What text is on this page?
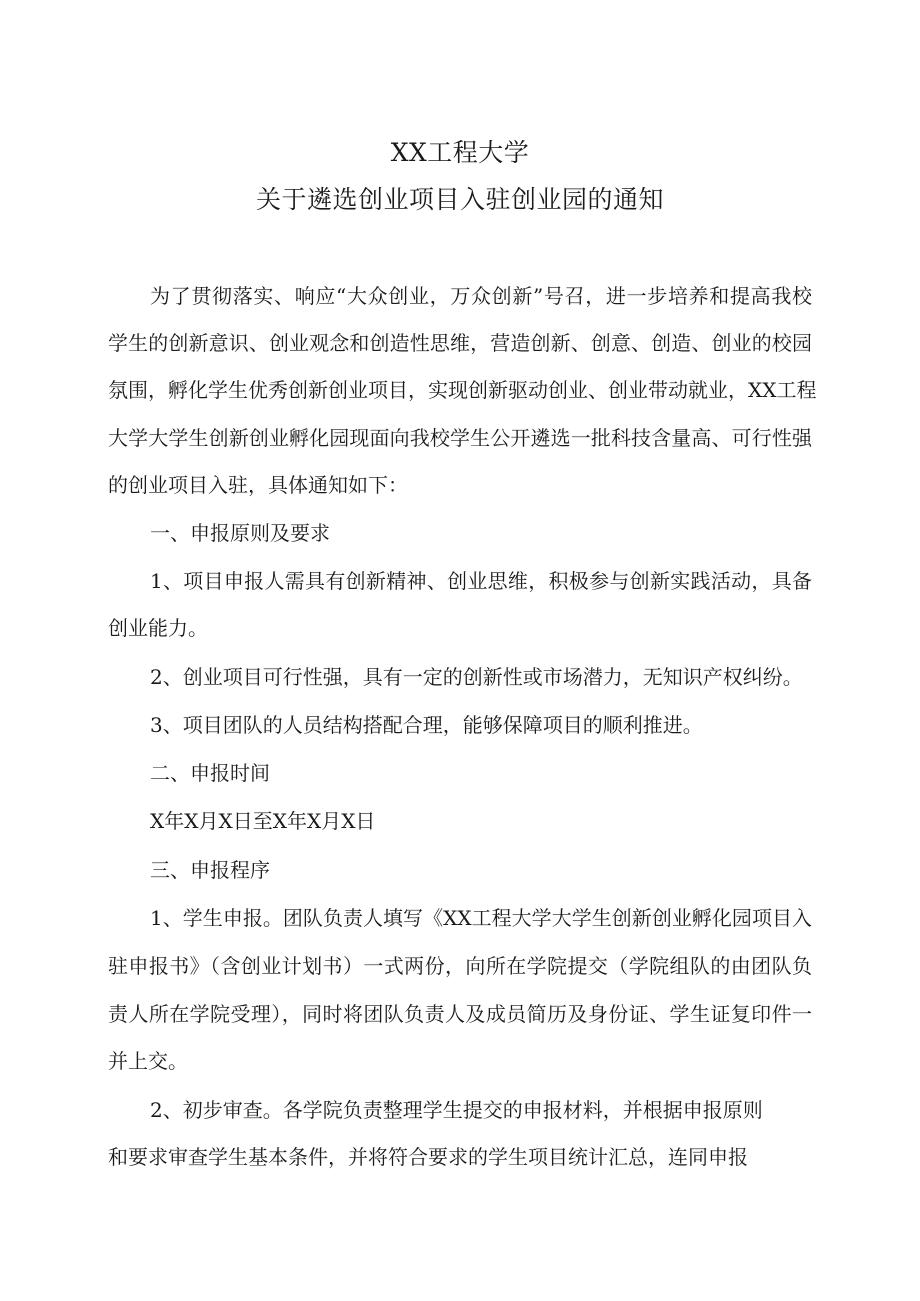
XX工程大学
关于遴选创业项目入驻创业园的通知
为了贯彻落实、响应“大众创业，万众创新”号召，进一步培养和提高我校
学生的创新意识、创业观念和创造性思维，营造创新、创意、创造、创业的校园
氛围，孵化学生优秀创新创业项目，实现创新驱动创业、创业带动就业，XX工程
大学大学生创新创业孵化园现面向我校学生公开遴选一批科技含量高、可行性强
的创业项目入驻，具体通知如下：
一、申报原则及要求
1、项目申报人需具有创新精神、创业思维，积极参与创新实践活动，具备
创业能力。
2、创业项目可行性强，具有一定的创新性或市场潜力，无知识产权纠纷。
3、项目团队的人员结构搭配合理，能够保障项目的顺利推进。
二、申报时间
X年X月X日至X年X月X日
三、申报程序
1、学生申报。团队负责人填写《XX工程大学大学生创新创业孵化园项目入
驻申报书》（含创业计划书）一式两份，向所在学院提交（学院组队的由团队负
责人所在学院受理），同时将团队负责人及成员简历及身份证、学生证复印件一
并上交。
2、初步审查。各学院负责整理学生提交的申报材料，并根据申报原则
和要求审查学生基本条件，并将符合要求的学生项目统计汇总，连同申报
